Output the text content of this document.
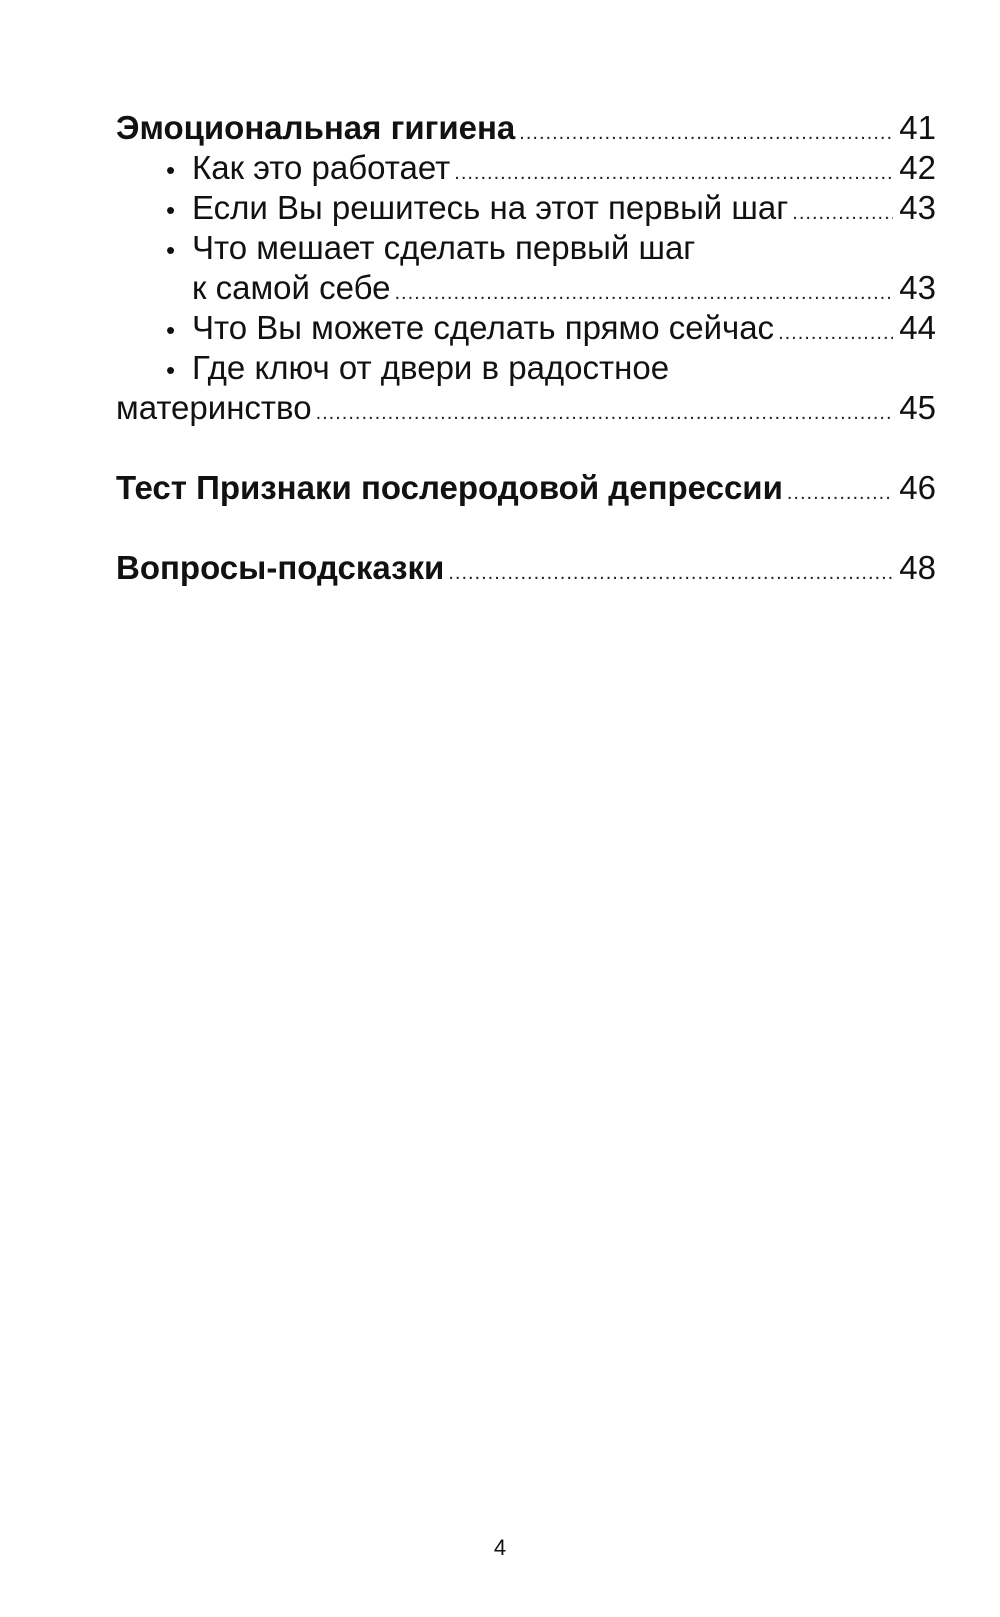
Эмоциональная гигиена .....	41
• Как это работает .....	42
• Если Вы решитесь на этот первый шаг .....	43
• Что мешает сделать первый шаг
к самой себе .....	43
• Что Вы можете сделать прямо сейчас .....	44
• Где ключ от двери в радостное
материнство .....	45
Тест Признаки послеродовой депрессии .....	46
Вопросы-подсказки .....	48
4
